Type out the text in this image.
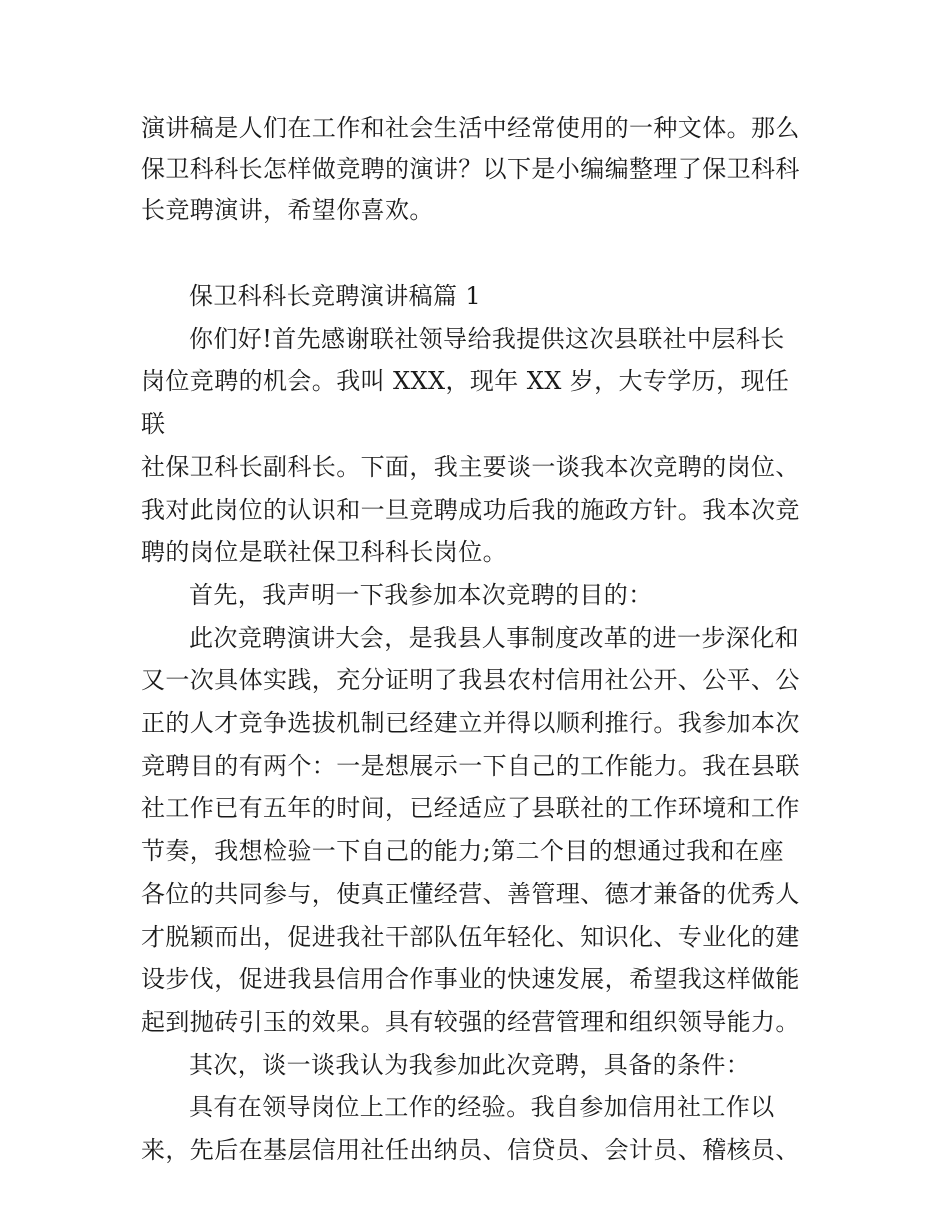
演讲稿是人们在工作和社会生活中经常使用的一种文体。那么
保卫科科长怎样做竞聘的演讲？以下是小编编整理了保卫科科
长竞聘演讲，希望你喜欢。

保卫科科长竞聘演讲稿篇 1

你们好!首先感谢联社领导给我提供这次县联社中层科长
岗位竞聘的机会。我叫 XXX，现年 XX 岁，大专学历，现任联
社保卫科长副科长。下面，我主要谈一谈我本次竞聘的岗位、
我对此岗位的认识和一旦竞聘成功后我的施政方针。我本次竞
聘的岗位是联社保卫科科长岗位。

首先，我声明一下我参加本次竞聘的目的：

此次竞聘演讲大会，是我县人事制度改革的进一步深化和
又一次具体实践，充分证明了我县农村信用社公开、公平、公
正的人才竞争选拔机制已经建立并得以顺利推行。我参加本次
竞聘目的有两个：一是想展示一下自己的工作能力。我在县联
社工作已有五年的时间，已经适应了县联社的工作环境和工作
节奏，我想检验一下自己的能力;第二个目的想通过我和在座
各位的共同参与，使真正懂经营、善管理、德才兼备的优秀人
才脱颖而出，促进我社干部队伍年轻化、知识化、专业化的建
设步伐，促进我县信用合作事业的快速发展，希望我这样做能
起到抛砖引玉的效果。具有较强的经营管理和组织领导能力。

其次，谈一谈我认为我参加此次竞聘，具备的条件：

具有在领导岗位上工作的经验。我自参加信用社工作以
来，先后在基层信用社任出纳员、信贷员、会计员、稽核员、
